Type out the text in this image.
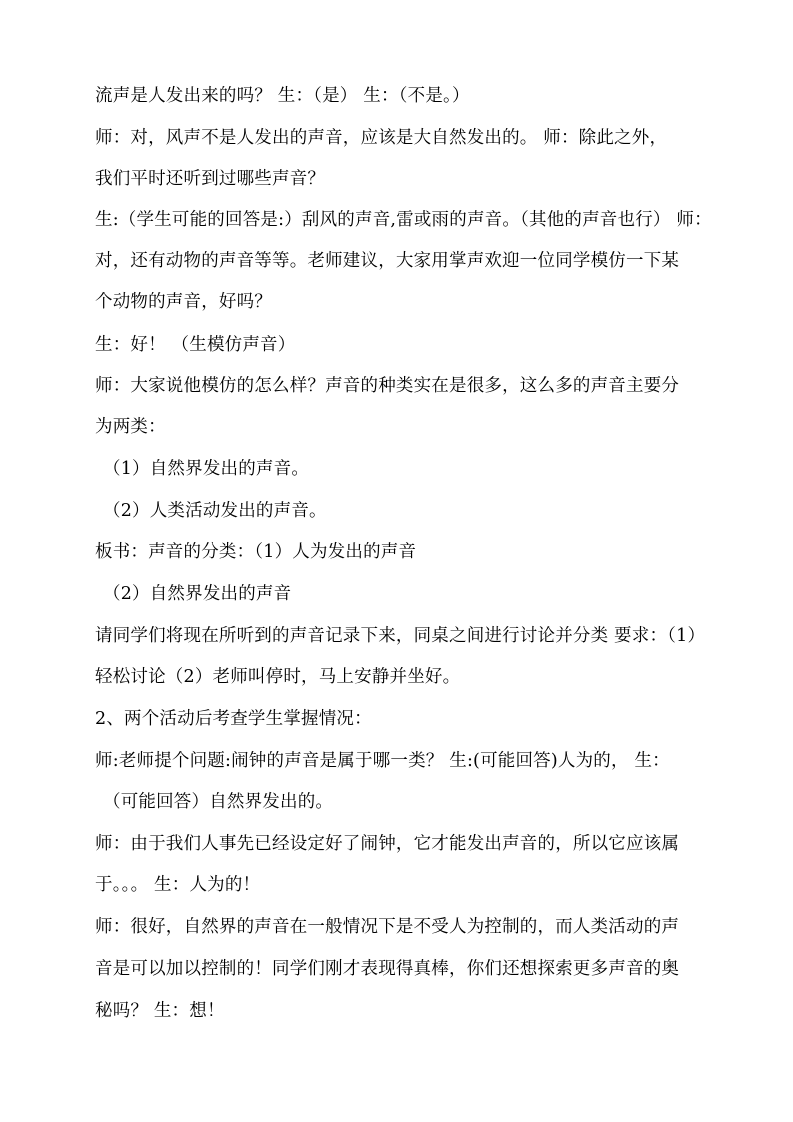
流声是人发出来的吗？ 生：（是） 生：（不是。）
师：对，风声不是人发出的声音，应该是大自然发出的。 师：除此之外，
我们平时还听到过哪些声音？
生:（学生可能的回答是:）刮风的声音,雷或雨的声音。（其他的声音也行） 师：
对，还有动物的声音等等。老师建议，大家用掌声欢迎一位同学模仿一下某
个动物的声音，好吗？
生：好！ （生模仿声音）
师：大家说他模仿的怎么样？声音的种类实在是很多，这么多的声音主要分
为两类：
（1）自然界发出的声音。
（2）人类活动发出的声音。
板书：声音的分类：（1）人为发出的声音
（2）自然界发出的声音
请同学们将现在所听到的声音记录下来，同桌之间进行讨论并分类 要求：（1）
轻松讨论（2）老师叫停时，马上安静并坐好。
2、两个活动后考查学生掌握情况：
师:老师提个问题:闹钟的声音是属于哪一类？ 生:(可能回答)人为的， 生：
（可能回答）自然界发出的。
师：由于我们人事先已经设定好了闹钟，它才能发出声音的，所以它应该属
于。。。 生：人为的！
师：很好，自然界的声音在一般情况下是不受人为控制的，而人类活动的声
音是可以加以控制的！同学们刚才表现得真棒，你们还想探索更多声音的奥
秘吗？ 生：想！
